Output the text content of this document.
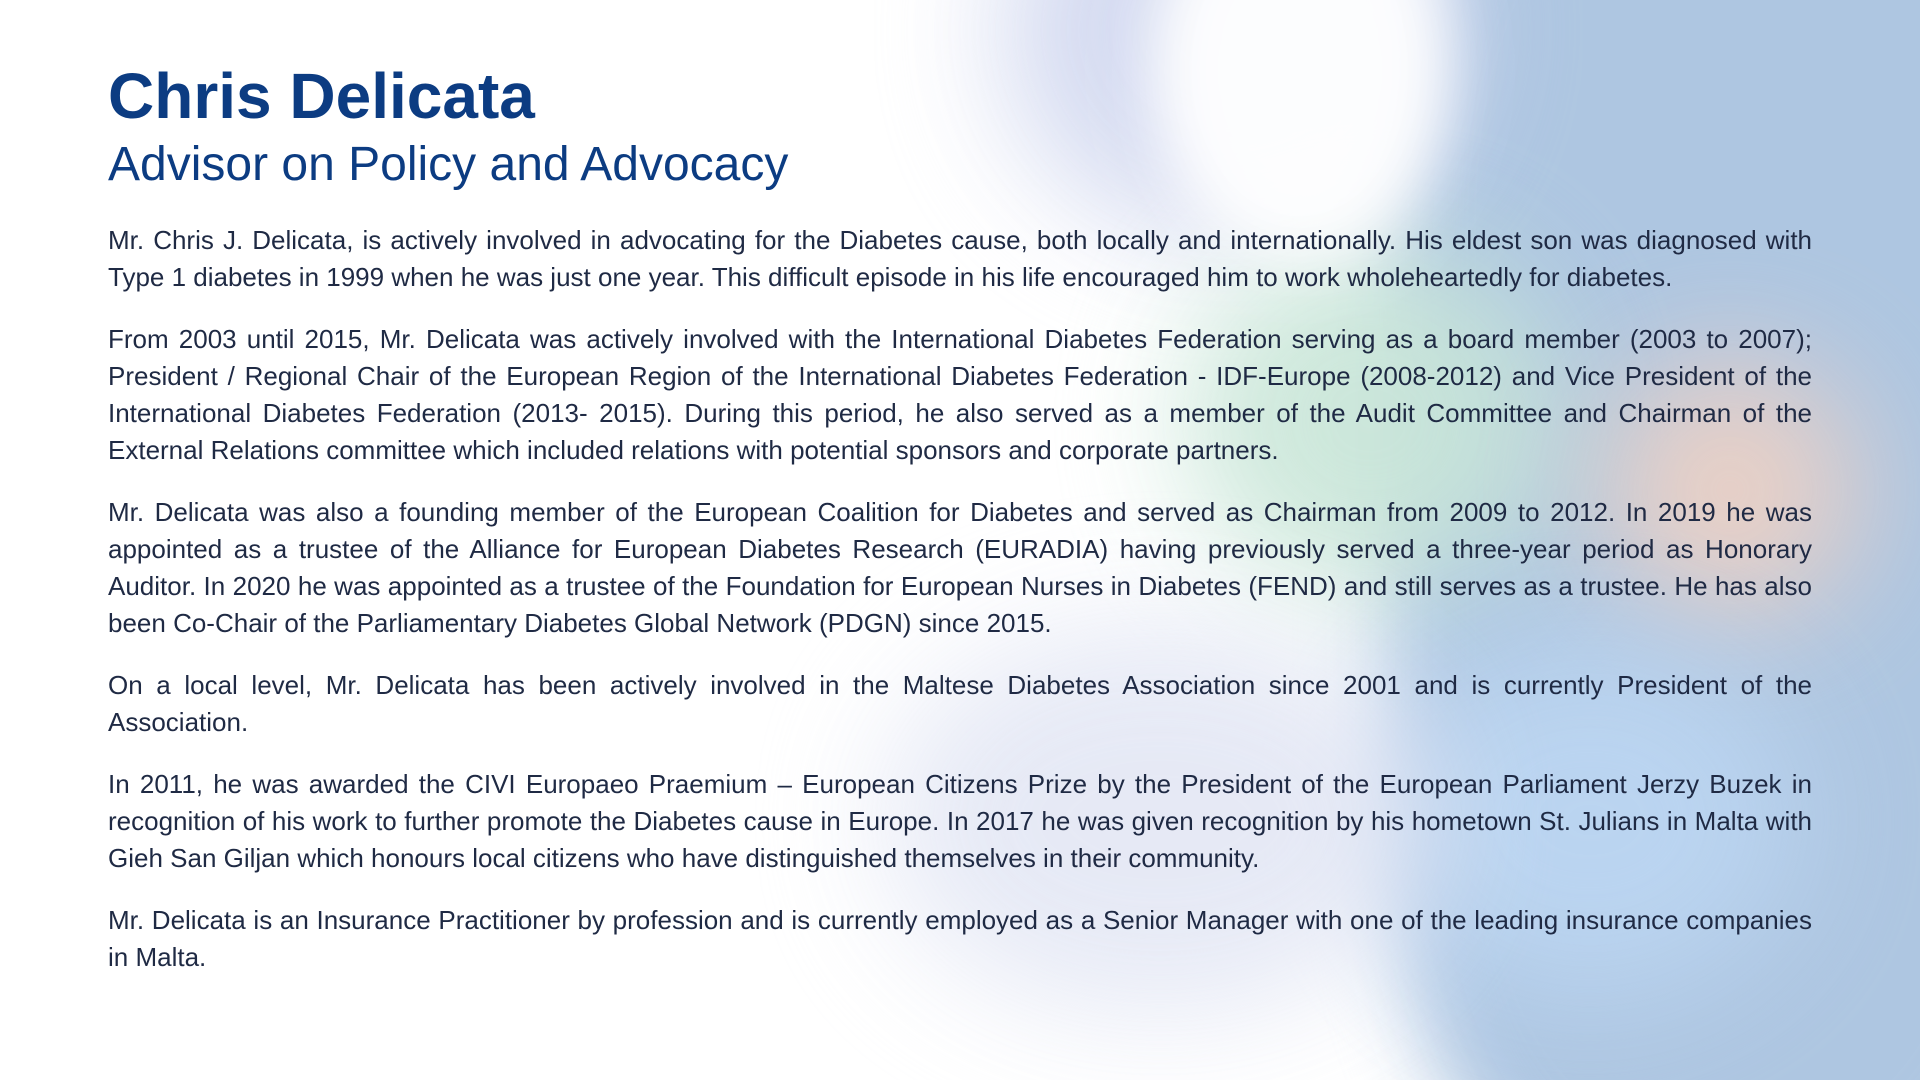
Chris Delicata
Advisor on Policy and Advocacy

Mr. Chris J. Delicata, is actively involved in advocating for the Diabetes cause, both locally and internationally. His eldest son was diagnosed with Type 1 diabetes in 1999 when he was just one year. This difficult episode in his life encouraged him to work wholeheartedly for diabetes.

From 2003 until 2015, Mr. Delicata was actively involved with the International Diabetes Federation serving as a board member (2003 to 2007); President / Regional Chair of the European Region of the International Diabetes Federation - IDF-Europe (2008-2012) and Vice President of the International Diabetes Federation (2013- 2015). During this period, he also served as a member of the Audit Committee and Chairman of the External Relations committee which included relations with potential sponsors and corporate partners.

Mr. Delicata was also a founding member of the European Coalition for Diabetes and served as Chairman from 2009 to 2012. In 2019 he was appointed as a trustee of the Alliance for European Diabetes Research (EURADIA) having previously served a three-year period as Honorary Auditor. In 2020 he was appointed as a trustee of the Foundation for European Nurses in Diabetes (FEND) and still serves as a trustee. He has also been Co-Chair of the Parliamentary Diabetes Global Network (PDGN) since 2015.

On a local level, Mr. Delicata has been actively involved in the Maltese Diabetes Association since 2001 and is currently President of the Association.

In 2011, he was awarded the CIVI Europaeo Praemium – European Citizens Prize by the President of the European Parliament Jerzy Buzek in recognition of his work to further promote the Diabetes cause in Europe. In 2017 he was given recognition by his hometown St. Julians in Malta with Gieh San Giljan which honours local citizens who have distinguished themselves in their community.

Mr. Delicata is an Insurance Practitioner by profession and is currently employed as a Senior Manager with one of the leading insurance companies in Malta.
